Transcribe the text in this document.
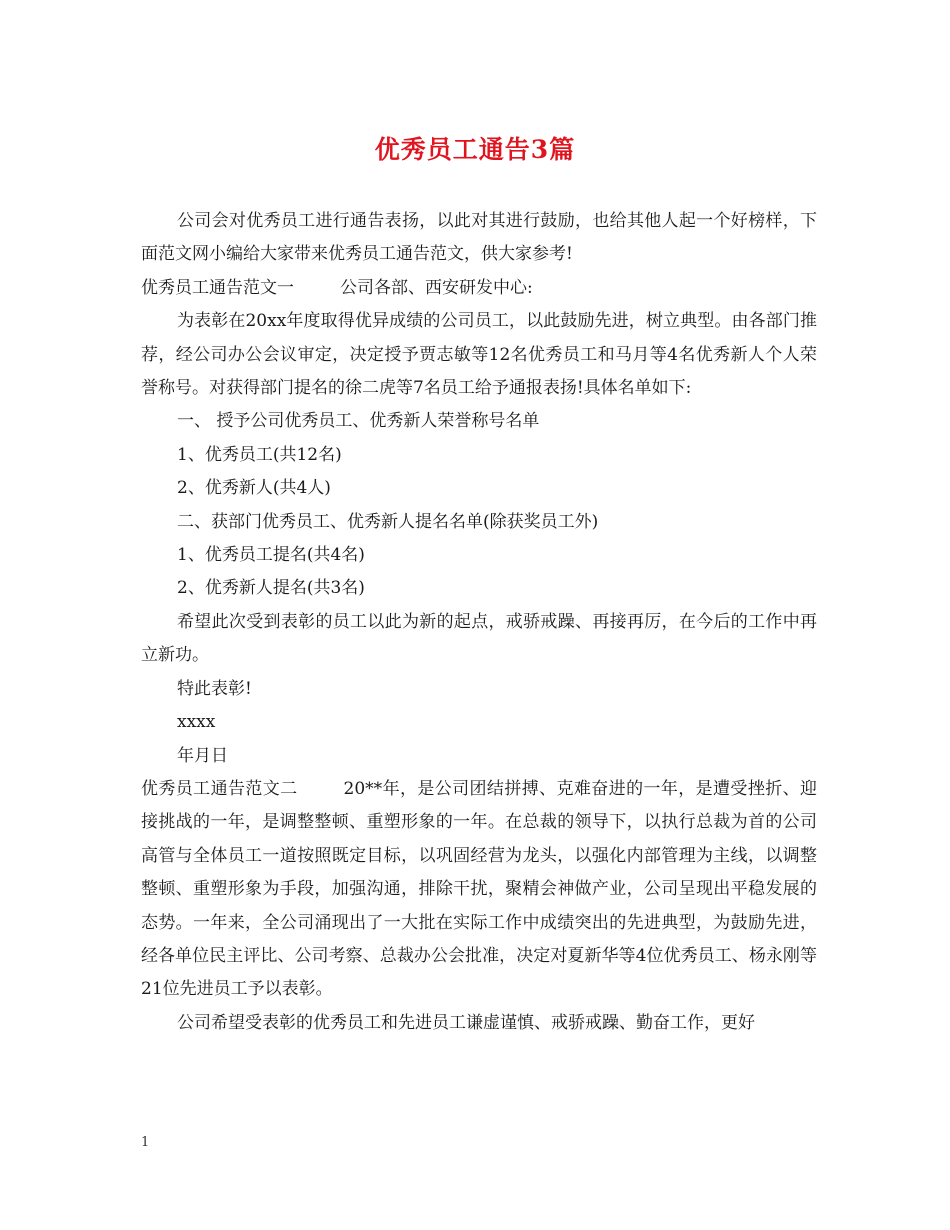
优秀员工通告3篇

公司会对优秀员工进行通告表扬，以此对其进行鼓励，也给其他人起一个好榜样，下面范文网小编给大家带来优秀员工通告范文，供大家参考!

优秀员工通告范文一	公司各部、西安研发中心:

为表彰在20xx年度取得优异成绩的公司员工，以此鼓励先进，树立典型。由各部门推荐，经公司办公会议审定，决定授予贾志敏等12名优秀员工和马月等4名优秀新人个人荣誉称号。对获得部门提名的徐二虎等7名员工给予通报表扬!具体名单如下:

一、 授予公司优秀员工、优秀新人荣誉称号名单

1、优秀员工(共12名)

2、优秀新人(共4人)

二、获部门优秀员工、优秀新人提名名单(除获奖员工外)

1、优秀员工提名(共4名)

2、优秀新人提名(共3名)

希望此次受到表彰的员工以此为新的起点，戒骄戒躁、再接再厉，在今后的工作中再立新功。

特此表彰!

xxxx

年月日

优秀员工通告范文二	20**年，是公司团结拼搏、克难奋进的一年，是遭受挫折、迎接挑战的一年，是调整整顿、重塑形象的一年。在总裁的领导下，以执行总裁为首的公司高管与全体员工一道按照既定目标，以巩固经营为龙头，以强化内部管理为主线，以调整整顿、重塑形象为手段，加强沟通，排除干扰，聚精会神做产业，公司呈现出平稳发展的态势。一年来，全公司涌现出了一大批在实际工作中成绩突出的先进典型，为鼓励先进，经各单位民主评比、公司考察、总裁办公会批准，决定对夏新华等4位优秀员工、杨永刚等21位先进员工予以表彰。

公司希望受表彰的优秀员工和先进员工谦虚谨慎、戒骄戒躁、勤奋工作，更好

1
